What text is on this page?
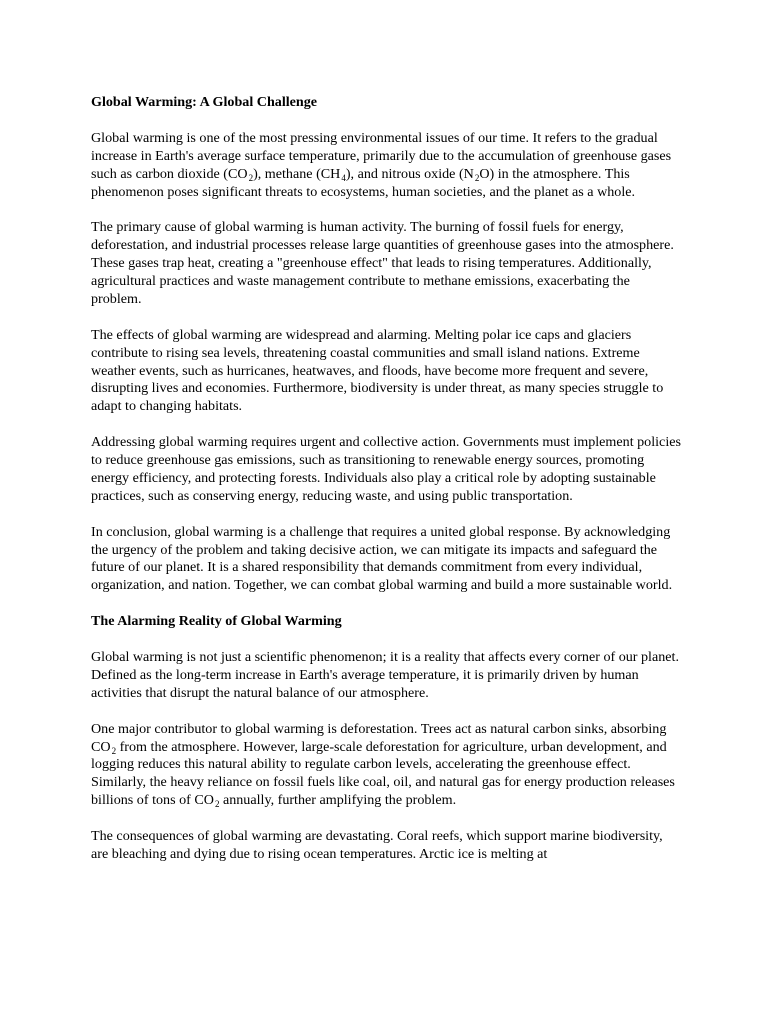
Global Warming: A Global Challenge

Global warming is one of the most pressing environmental issues of our time. It refers to the gradual increase in Earth's average surface temperature, primarily due to the accumulation of greenhouse gases such as carbon dioxide $(CO_2)$, methane $(CH_4)$, and nitrous oxide $(N_2O)$ in the atmosphere. This phenomenon poses significant threats to ecosystems, human societies, and the planet as a whole.

The primary cause of global warming is human activity. The burning of fossil fuels for energy, deforestation, and industrial processes release large quantities of greenhouse gases into the atmosphere. These gases trap heat, creating a "greenhouse effect" that leads to rising temperatures. Additionally, agricultural practices and waste management contribute to methane emissions, exacerbating the problem.

The effects of global warming are widespread and alarming. Melting polar ice caps and glaciers contribute to rising sea levels, threatening coastal communities and small island nations. Extreme weather events, such as hurricanes, heatwaves, and floods, have become more frequent and severe, disrupting lives and economies. Furthermore, biodiversity is under threat, as many species struggle to adapt to changing habitats.

Addressing global warming requires urgent and collective action. Governments must implement policies to reduce greenhouse gas emissions, such as transitioning to renewable energy sources, promoting energy efficiency, and protecting forests. Individuals also play a critical role by adopting sustainable practices, such as conserving energy, reducing waste, and using public transportation.

In conclusion, global warming is a challenge that requires a united global response. By acknowledging the urgency of the problem and taking decisive action, we can mitigate its impacts and safeguard the future of our planet. It is a shared responsibility that demands commitment from every individual, organization, and nation. Together, we can combat global warming and build a more sustainable world.

The Alarming Reality of Global Warming

Global warming is not just a scientific phenomenon; it is a reality that affects every corner of our planet. Defined as the long-term increase in Earth's average temperature, it is primarily driven by human activities that disrupt the natural balance of our atmosphere.

One major contributor to global warming is deforestation. Trees act as natural carbon sinks, absorbing $CO_2$ from the atmosphere. However, large-scale deforestation for agriculture, urban development, and logging reduces this natural ability to regulate carbon levels, accelerating the greenhouse effect. Similarly, the heavy reliance on fossil fuels like coal, oil, and natural gas for energy production releases billions of tons of $CO_2$ annually, further amplifying the problem.

The consequences of global warming are devastating. Coral reefs, which support marine biodiversity, are bleaching and dying due to rising ocean temperatures. Arctic ice is melting at
